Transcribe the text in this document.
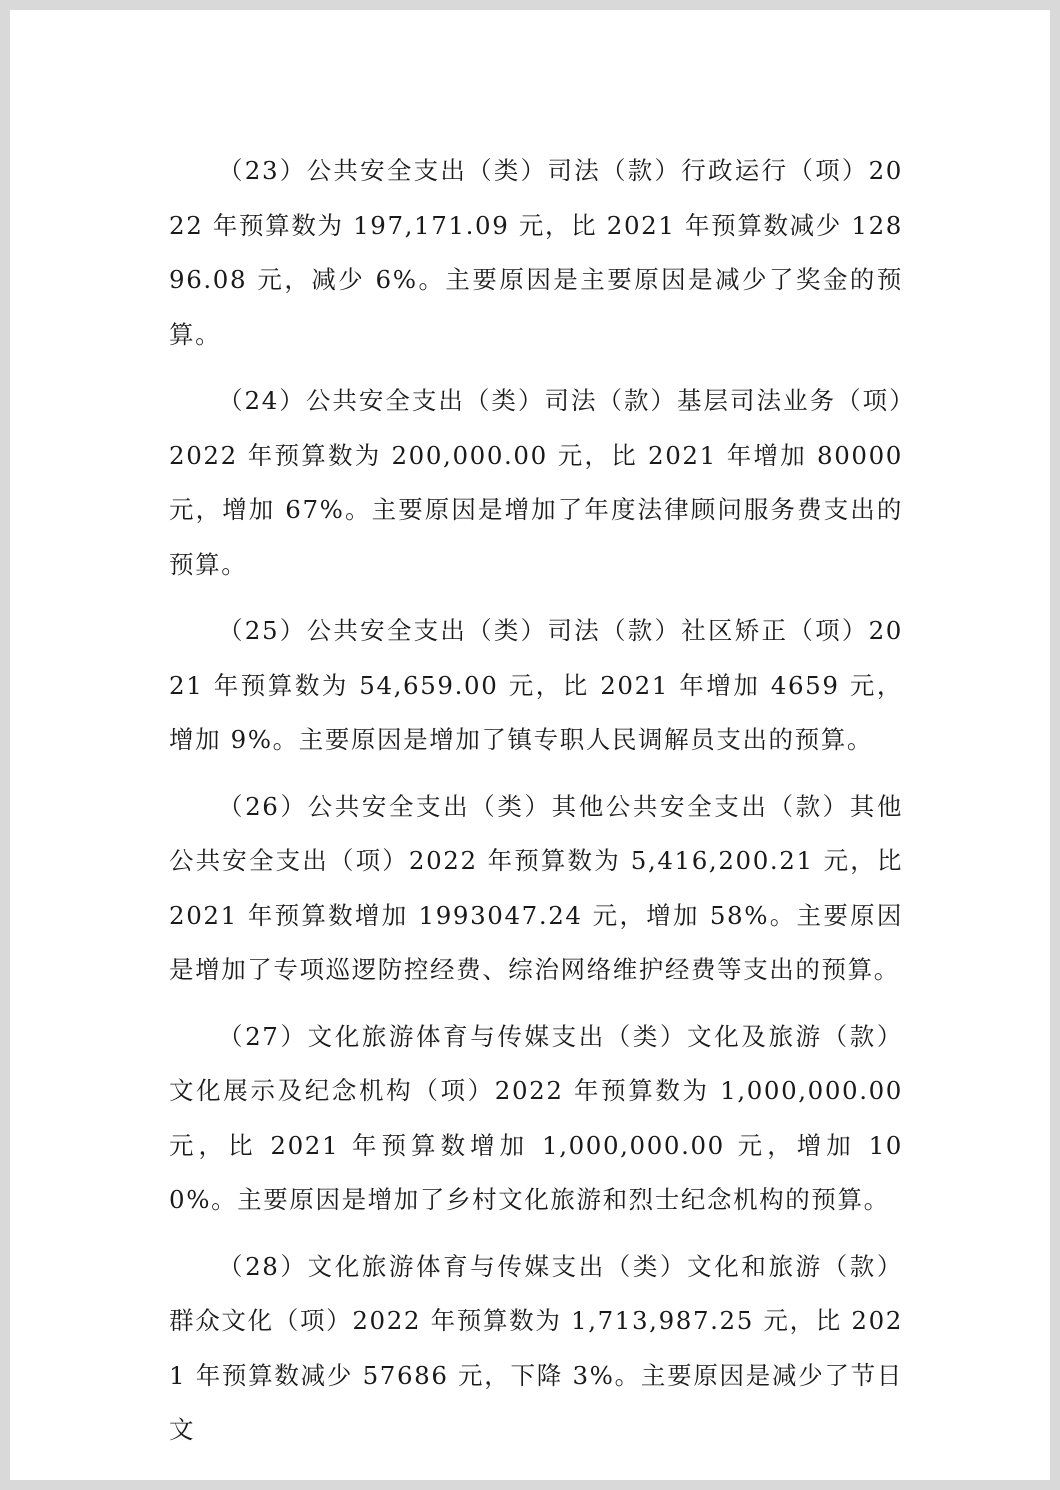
（23）公共安全支出（类）司法（款）行政运行（项）2022 年预算数为 197,171.09 元，比 2021 年预算数减少 12896.08 元，减少 6%。主要原因是主要原因是减少了奖金的预算。

（24）公共安全支出（类）司法（款）基层司法业务（项）2022 年预算数为 200,000.00 元，比 2021 年增加 80000 元，增加 67%。主要原因是增加了年度法律顾问服务费支出的预算。

（25）公共安全支出（类）司法（款）社区矫正（项）2021 年预算数为 54,659.00 元，比 2021 年增加 4659 元，增加 9%。主要原因是增加了镇专职人民调解员支出的预算。

（26）公共安全支出（类）其他公共安全支出（款）其他公共安全支出（项）2022 年预算数为 5,416,200.21 元，比 2021 年预算数增加 1993047.24 元，增加 58%。主要原因是增加了专项巡逻防控经费、综治网络维护经费等支出的预算。

（27）文化旅游体育与传媒支出（类）文化及旅游（款）文化展示及纪念机构（项）2022 年预算数为 1,000,000.00 元，比 2021 年预算数增加 1,000,000.00 元，增加 100%。主要原因是增加了乡村文化旅游和烈士纪念机构的预算。

（28）文化旅游体育与传媒支出（类）文化和旅游（款）群众文化（项）2022 年预算数为 1,713,987.25 元，比 2021 年预算数减少 57686 元，下降 3%。主要原因是减少了节日文
